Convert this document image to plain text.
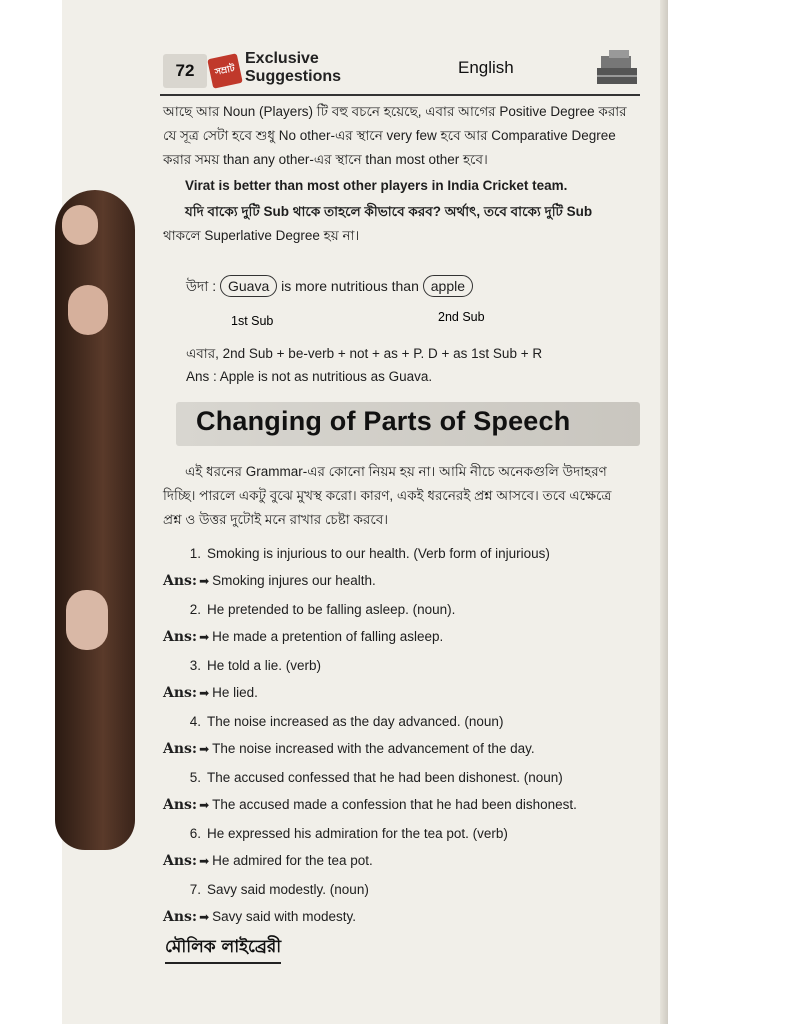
72	সম্রাট
Exclusive
Suggestions	English

আছে আর Noun (Players) টি বহু বচনে হয়েছে, এবার আগের Positive Degree করার

যে সূত্র সেটা হবে শুধু No other-এর স্থানে very few হবে আর Comparative Degree

করার সময় than any other-এর স্থানে than most other হবে।

Virat is better than most other players in India Cricket team.

যদি বাক্যে দুটি Sub থাকে তাহলে কীভাবে করব? অর্থাৎ, তবে বাক্যে দুটি Sub

থাকলে Superlative Degree হয় না।

উদা : Guava is more nutritious than apple
1st Sub	2nd Sub
এবার, 2nd Sub + be-verb + not + as + P. D + as 1st Sub + R
Ans : Apple is not as nutritious as Guava.
Changing of Parts of Speech
এই ধরনের Grammar-এর কোনো নিয়ম হয় না। আমি নীচে অনেকগুলি উদাহরণ
দিচ্ছি। পারলে একটু বুঝে মুখস্থ করো। কারণ, একই ধরনেরই প্রশ্ন আসবে। তবে এক্ষেত্রে
প্রশ্ন ও উত্তর দুটোই মনে রাখার চেষ্টা করবে।
1. Smoking is injurious to our health. (Verb form of injurious)
Ans: ➡ Smoking injures our health.
2. He pretended to be falling asleep. (noun).
Ans: ➡ He made a pretention of falling asleep.
3. He told a lie. (verb)
Ans: ➡ He lied.
4. The noise increased as the day advanced. (noun)
Ans: ➡ The noise increased with the advancement of the day.
5. The accused confessed that he had been dishonest. (noun)
Ans: ➡ The accused made a confession that he had been dishonest.
6. He expressed his admiration for the tea pot. (verb)
Ans: ➡ He admired for the tea pot.
7. Savy said modestly. (noun)
Ans: ➡ Savy said with modesty.
মৌলিক লাইব্রেরী
